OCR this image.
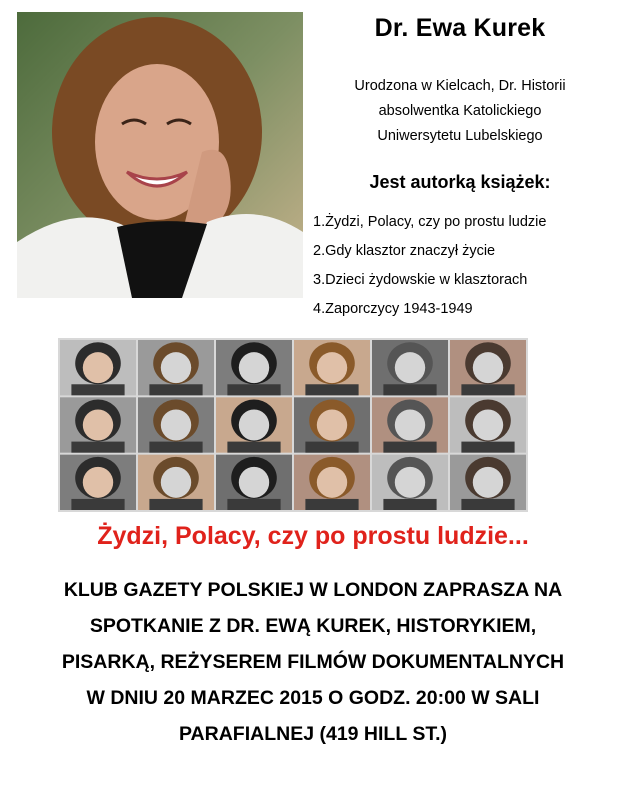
Dr. Ewa Kurek
Urodzona w Kielcach, Dr. Historii
absolwentka Katolickiego
Uniwersytetu Lubelskiego
Jest autorką książek:
1.Żydzi, Polacy, czy po prostu ludzie
2.Gdy klasztor znaczył życie
3.Dzieci żydowskie w klasztorach
4.Zaporczycy 1943-1949
Żydzi, Polacy, czy po prostu ludzie...
KLUB GAZETY POLSKIEJ W LONDON ZAPRASZA NA
SPOTKANIE Z DR. EWĄ KUREK, HISTORYKIEM,
PISARKĄ, REŻYSEREM FILMÓW DOKUMENTALNYCH
W DNIU 20 MARZEC 2015 O GODZ. 20:00 W SALI
PARAFIALNEJ (419 HILL ST.)
